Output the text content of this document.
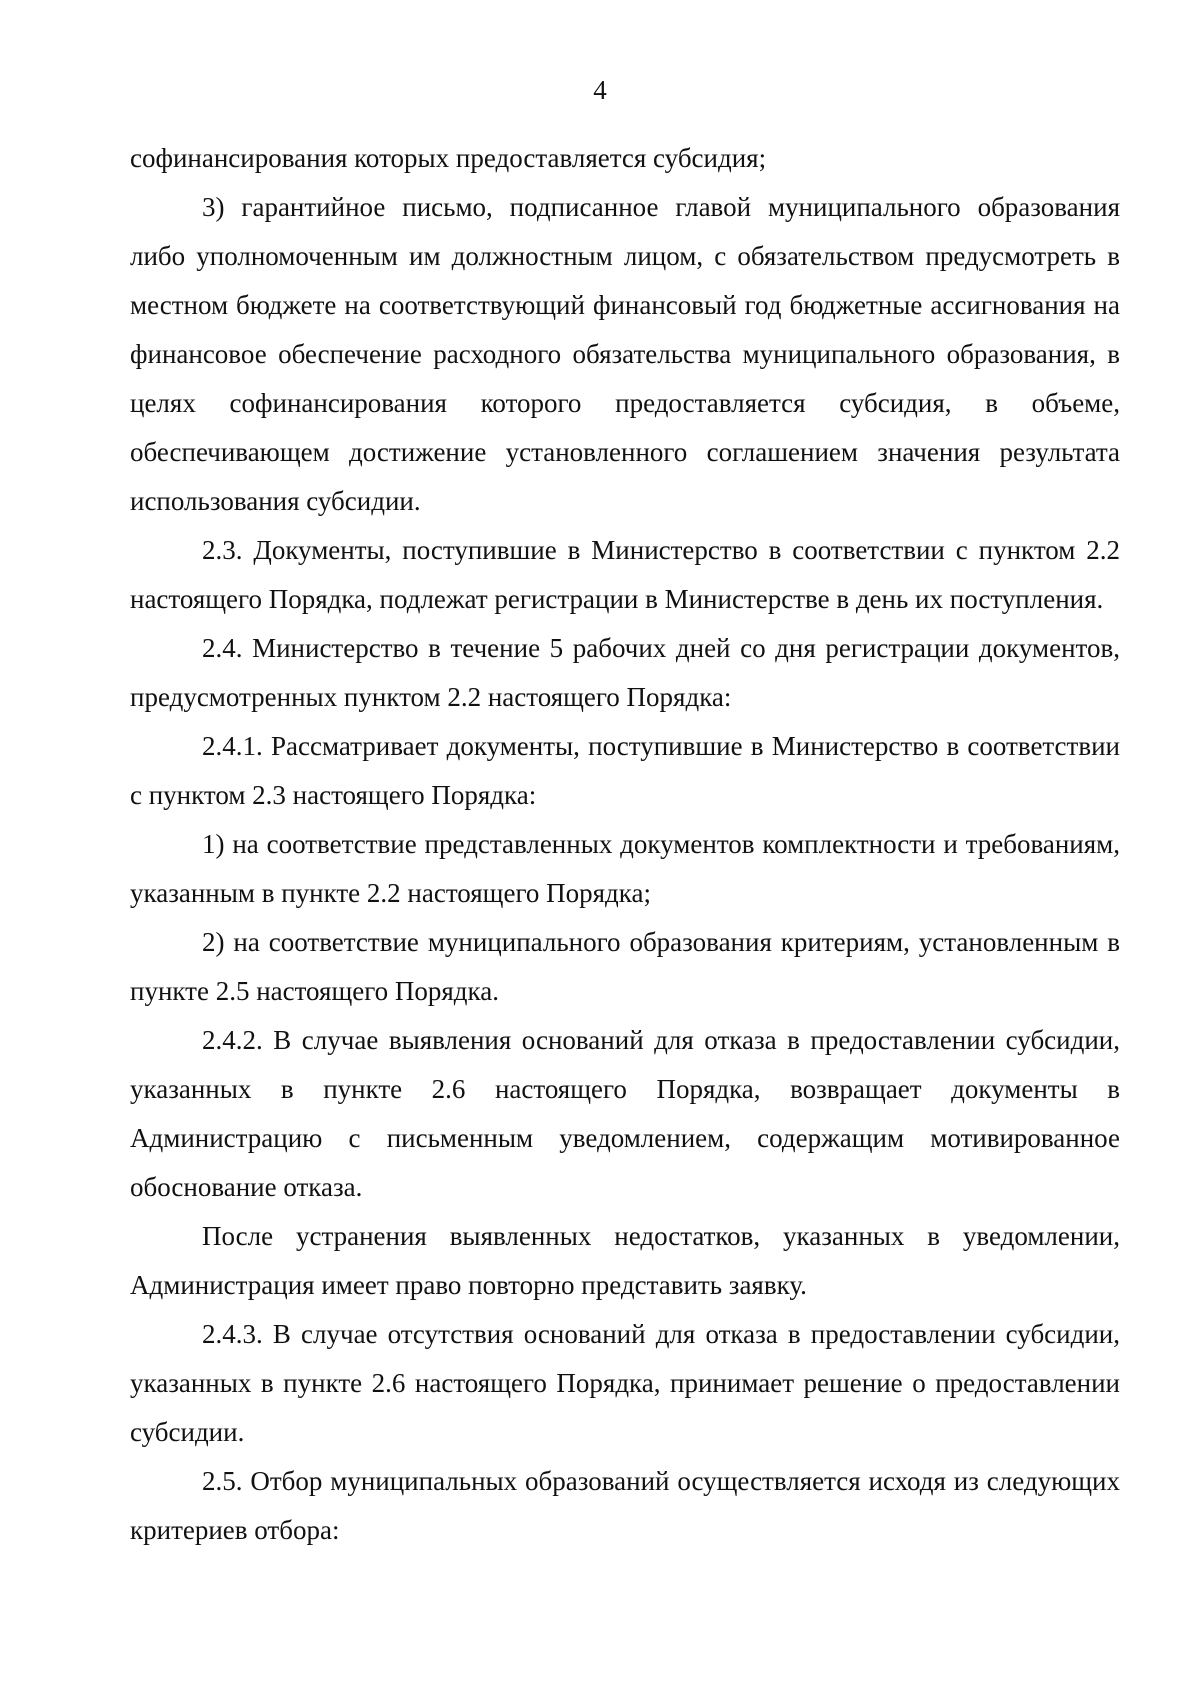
4

софинансирования которых предоставляется субсидия;

3) гарантийное письмо, подписанное главой муниципального образования либо уполномоченным им должностным лицом, с обязательством предусмотреть в местном бюджете на соответствующий финансовый год бюджетные ассигнования на финансовое обеспечение расходного обязательства муниципального образования, в целях софинансирования которого предоставляется субсидия, в объеме, обеспечивающем достижение установленного соглашением значения результата использования субсидии.

2.3. Документы, поступившие в Министерство в соответствии с пунктом 2.2 настоящего Порядка, подлежат регистрации в Министерстве в день их поступления.

2.4. Министерство в течение 5 рабочих дней со дня регистрации документов, предусмотренных пунктом 2.2 настоящего Порядка:

2.4.1. Рассматривает документы, поступившие в Министерство в соответствии с пунктом 2.3 настоящего Порядка:

1) на соответствие представленных документов комплектности и требованиям, указанным в пункте 2.2 настоящего Порядка;

2) на соответствие муниципального образования критериям, установленным в пункте 2.5 настоящего Порядка.

2.4.2. В случае выявления оснований для отказа в предоставлении субсидии, указанных в пункте 2.6 настоящего Порядка, возвращает документы в Администрацию с письменным уведомлением, содержащим мотивированное обоснование отказа.

После устранения выявленных недостатков, указанных в уведомлении, Администрация имеет право повторно представить заявку.

2.4.3. В случае отсутствия оснований для отказа в предоставлении субсидии, указанных в пункте 2.6 настоящего Порядка, принимает решение о предоставлении субсидии.

2.5. Отбор муниципальных образований осуществляется исходя из следующих критериев отбора:
